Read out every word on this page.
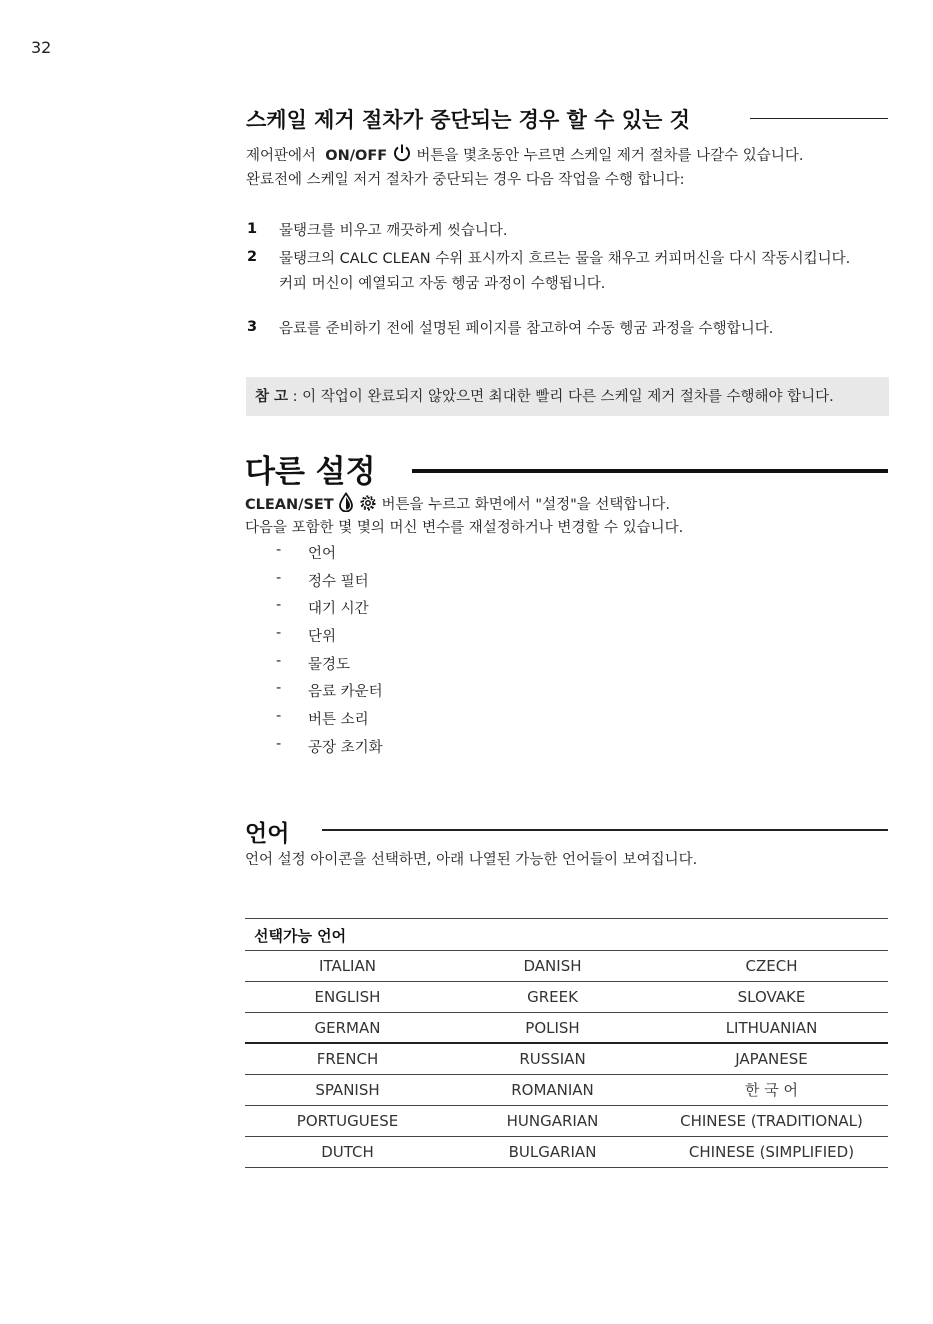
32
스케일 제거 절차가 중단되는 경우 할 수 있는 것
제어판에서 ON/OFF 버튼을 몇초동안 누르면 스케일 제거 절차를 나갈수 있습니다.
완료전에 스케일 저거 절차가 중단되는 경우 다음 작업을 수행 합니다:
1 물탱크를 비우고 깨끗하게 씻습니다.
2 물탱크의 CALC CLEAN 수위 표시까지 흐르는 물을 채우고 커피머신을 다시 작동시킵니다.
커피 머신이 예열되고 자동 헹굼 과정이 수행됩니다.
3 음료를 준비하기 전에 설명된 페이지를 참고하여 수동 헹굼 과정을 수행합니다.
참 고 : 이 작업이 완료되지 않았으면 최대한 빨리 다른 스케일 제거 절차를 수행해야 합니다.
다른 설정
CLEAN/SET	버튼을 누르고 화면에서 "설정"을 선택합니다.
다음을 포함한 몇 몇의 머신 변수를 재설정하거나 변경할 수 있습니다.
-	언어
-	정수 필터
-	대기 시간
-	단위
-	물경도
-	음료 카운터
-	버튼 소리
-	공장 초기화
언어
언어 설정 아이콘을 선택하면, 아래 나열된 가능한 언어들이 보여집니다.
선택가능 언어
ITALIAN	DANISH	CZECH
ENGLISH	GREEK	SLOVAKE
GERMAN	POLISH	LITHUANIAN
FRENCH	RUSSIAN	JAPANESE
SPANISH	ROMANIAN	한 국 어
PORTUGUESE	HUNGARIAN	CHINESE (TRADITIONAL)
DUTCH	BULGARIAN	CHINESE (SIMPLIFIED)
